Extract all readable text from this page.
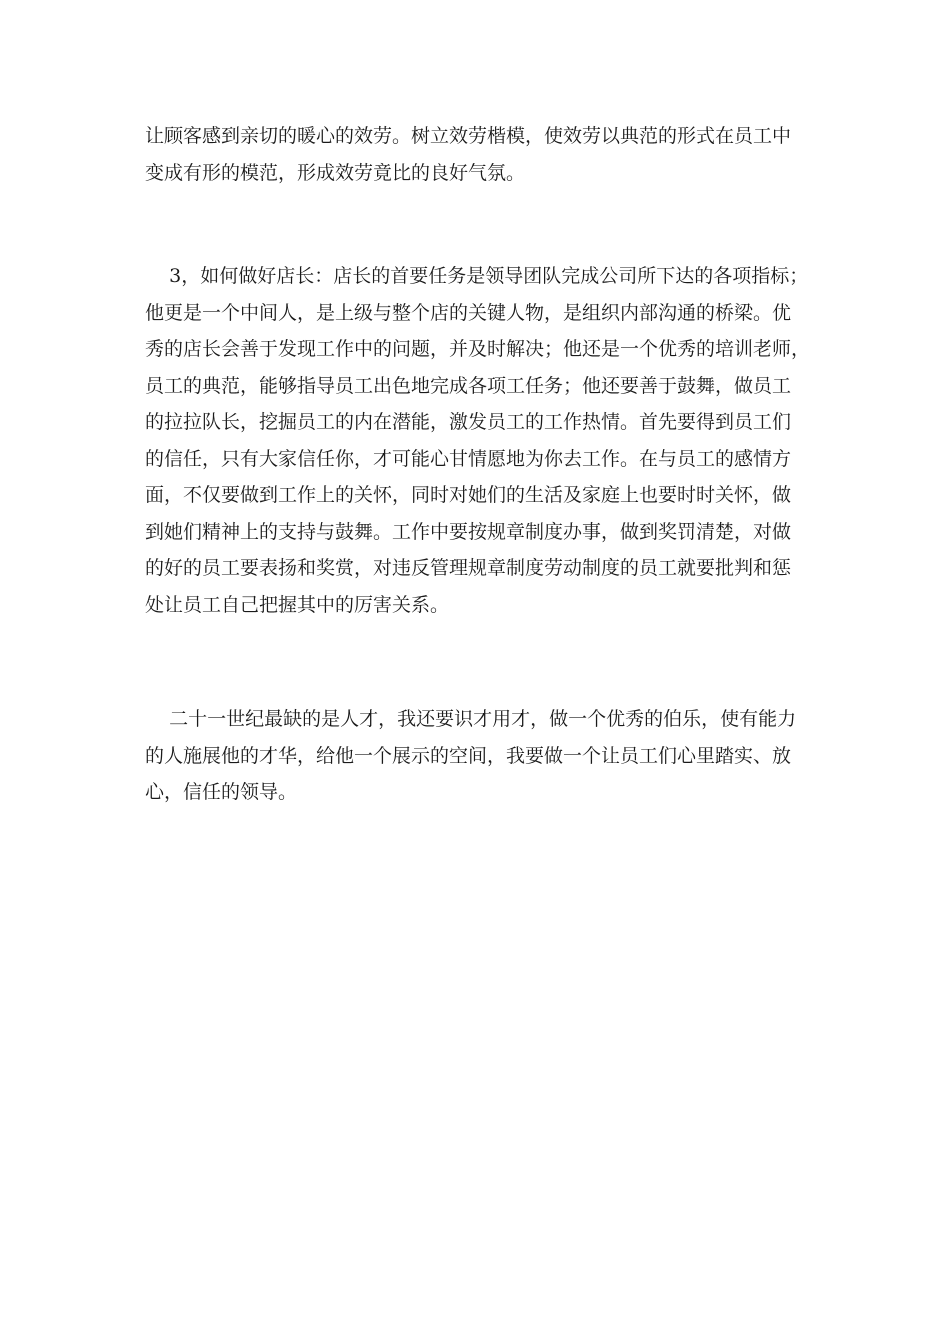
让顾客感到亲切的暖心的效劳。树立效劳楷模，使效劳以典范的形式在员工中
变成有形的模范，形成效劳竟比的良好气氛。
3，如何做好店长：店长的首要任务是领导团队完成公司所下达的各项指标；
他更是一个中间人，是上级与整个店的关键人物，是组织内部沟通的桥梁。优
秀的店长会善于发现工作中的问题，并及时解决；他还是一个优秀的培训老师，
员工的典范，能够指导员工出色地完成各项工任务；他还要善于鼓舞，做员工
的拉拉队长，挖掘员工的内在潜能，激发员工的工作热情。首先要得到员工们
的信任，只有大家信任你，才可能心甘情愿地为你去工作。在与员工的感情方
面，不仅要做到工作上的关怀，同时对她们的生活及家庭上也要时时关怀，做
到她们精神上的支持与鼓舞。工作中要按规章制度办事，做到奖罚清楚，对做
的好的员工要表扬和奖赏，对违反管理规章制度劳动制度的员工就要批判和惩
处让员工自己把握其中的厉害关系。
二十一世纪最缺的是人才，我还要识才用才，做一个优秀的伯乐，使有能力
的人施展他的才华，给他一个展示的空间，我要做一个让员工们心里踏实、放
心，信任的领导。
